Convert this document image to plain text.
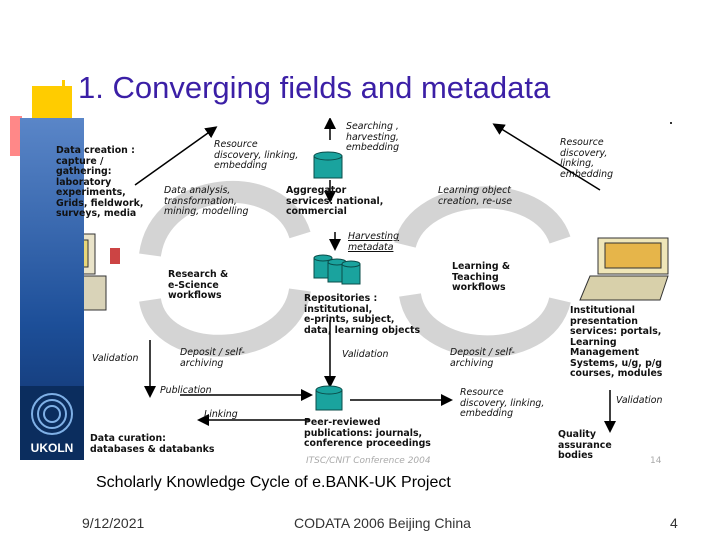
1. Converging fields and metadata
UKOLN
Data creation :
capture /
gathering:
laboratory
experiments,
Grids, fieldwork,
surveys, media
Resource
discovery, linking,
embedding
Searching ,
harvesting,
embedding	Resource
discovery,
linking,
embedding
Data analysis,
transformation,
mining, modelling
Aggregator
services: national,
commercial
Learning object
creation, re-use
Harvesting
metadata
Research &
e-Science
workflows
Learning &
Teaching
workflows
Repositories :
institutional,
e-prints, subject,
data, learning objects
Institutional
presentation
services: portals,
Learning
Management
Systems, u/g, p/g
courses, modules
Validation
Deposit / self-
archiving
Validation	Deposit / self-
archiving
Publication	Resource
discovery, linking,
embedding
Validation
Linking
Peer-reviewed
publications: journals,
conference proceedings
Data curation:
databases & databanks
Quality
assurance
bodies
ITSC/CNIT Conference 2004	14
Scholarly Knowledge Cycle of e.BANK-UK Project
9/12/2021	CODATA 2006 Beijing China	4
